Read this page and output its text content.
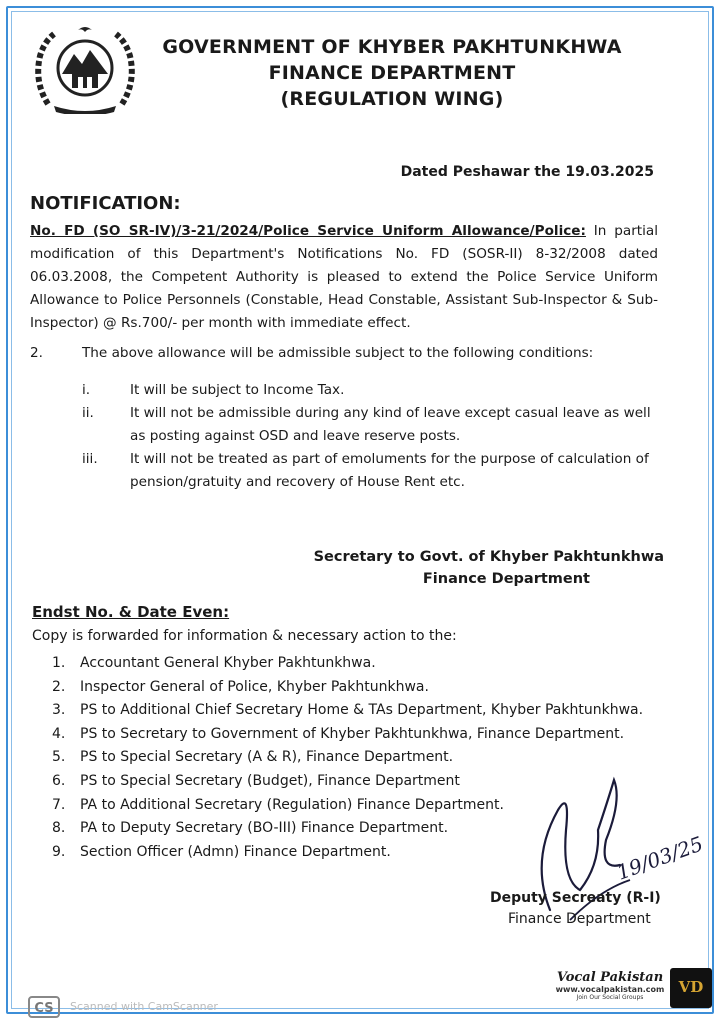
GOVERNMENT OF KHYBER PAKHTUNKHWA
FINANCE DEPARTMENT
(REGULATION WING)
Dated Peshawar the 19.03.2025
NOTIFICATION:
No. FD (SO SR-IV)/3-21/2024/Police Service Uniform Allowance/Police: In partial modification of this Department's Notifications No. FD (SOSR-II) 8-32/2008 dated 06.03.2008, the Competent Authority is pleased to extend the Police Service Uniform Allowance to Police Personnels (Constable, Head Constable, Assistant Sub-Inspector & Sub-Inspector) @ Rs.700/- per month with immediate effect.
2.	The above allowance will be admissible subject to the following conditions:
i.	It will be subject to Income Tax.
ii.	It will not be admissible during any kind of leave except casual leave as well as posting against OSD and leave reserve posts.
iii. It will not be treated as part of emoluments for the purpose of calculation of pension/gratuity and recovery of House Rent etc.
Secretary to Govt. of Khyber Pakhtunkhwa
Finance Department
Endst No. & Date Even:
Copy is forwarded for information & necessary action to the:
1. Accountant General Khyber Pakhtunkhwa.
2. Inspector General of Police, Khyber Pakhtunkhwa.
3. PS to Additional Chief Secretary Home & TAs Department, Khyber Pakhtunkhwa.
4. PS to Secretary to Government of Khyber Pakhtunkhwa, Finance Department.
5. PS to Special Secretary (A & R), Finance Department.
6. PS to Special Secretary (Budget), Finance Department
7. PA to Additional Secretary (Regulation) Finance Department.
8. PA to Deputy Secretary (BO-III) Finance Department.
9. Section Officer (Admn) Finance Department.	19/03/25
Deputy Secreaty (R-I)
Finance Department
Vocal Pakistan
www.vocalpakistan.com
Join Our Social Groups
VD
CS	Scanned with CamScanner
